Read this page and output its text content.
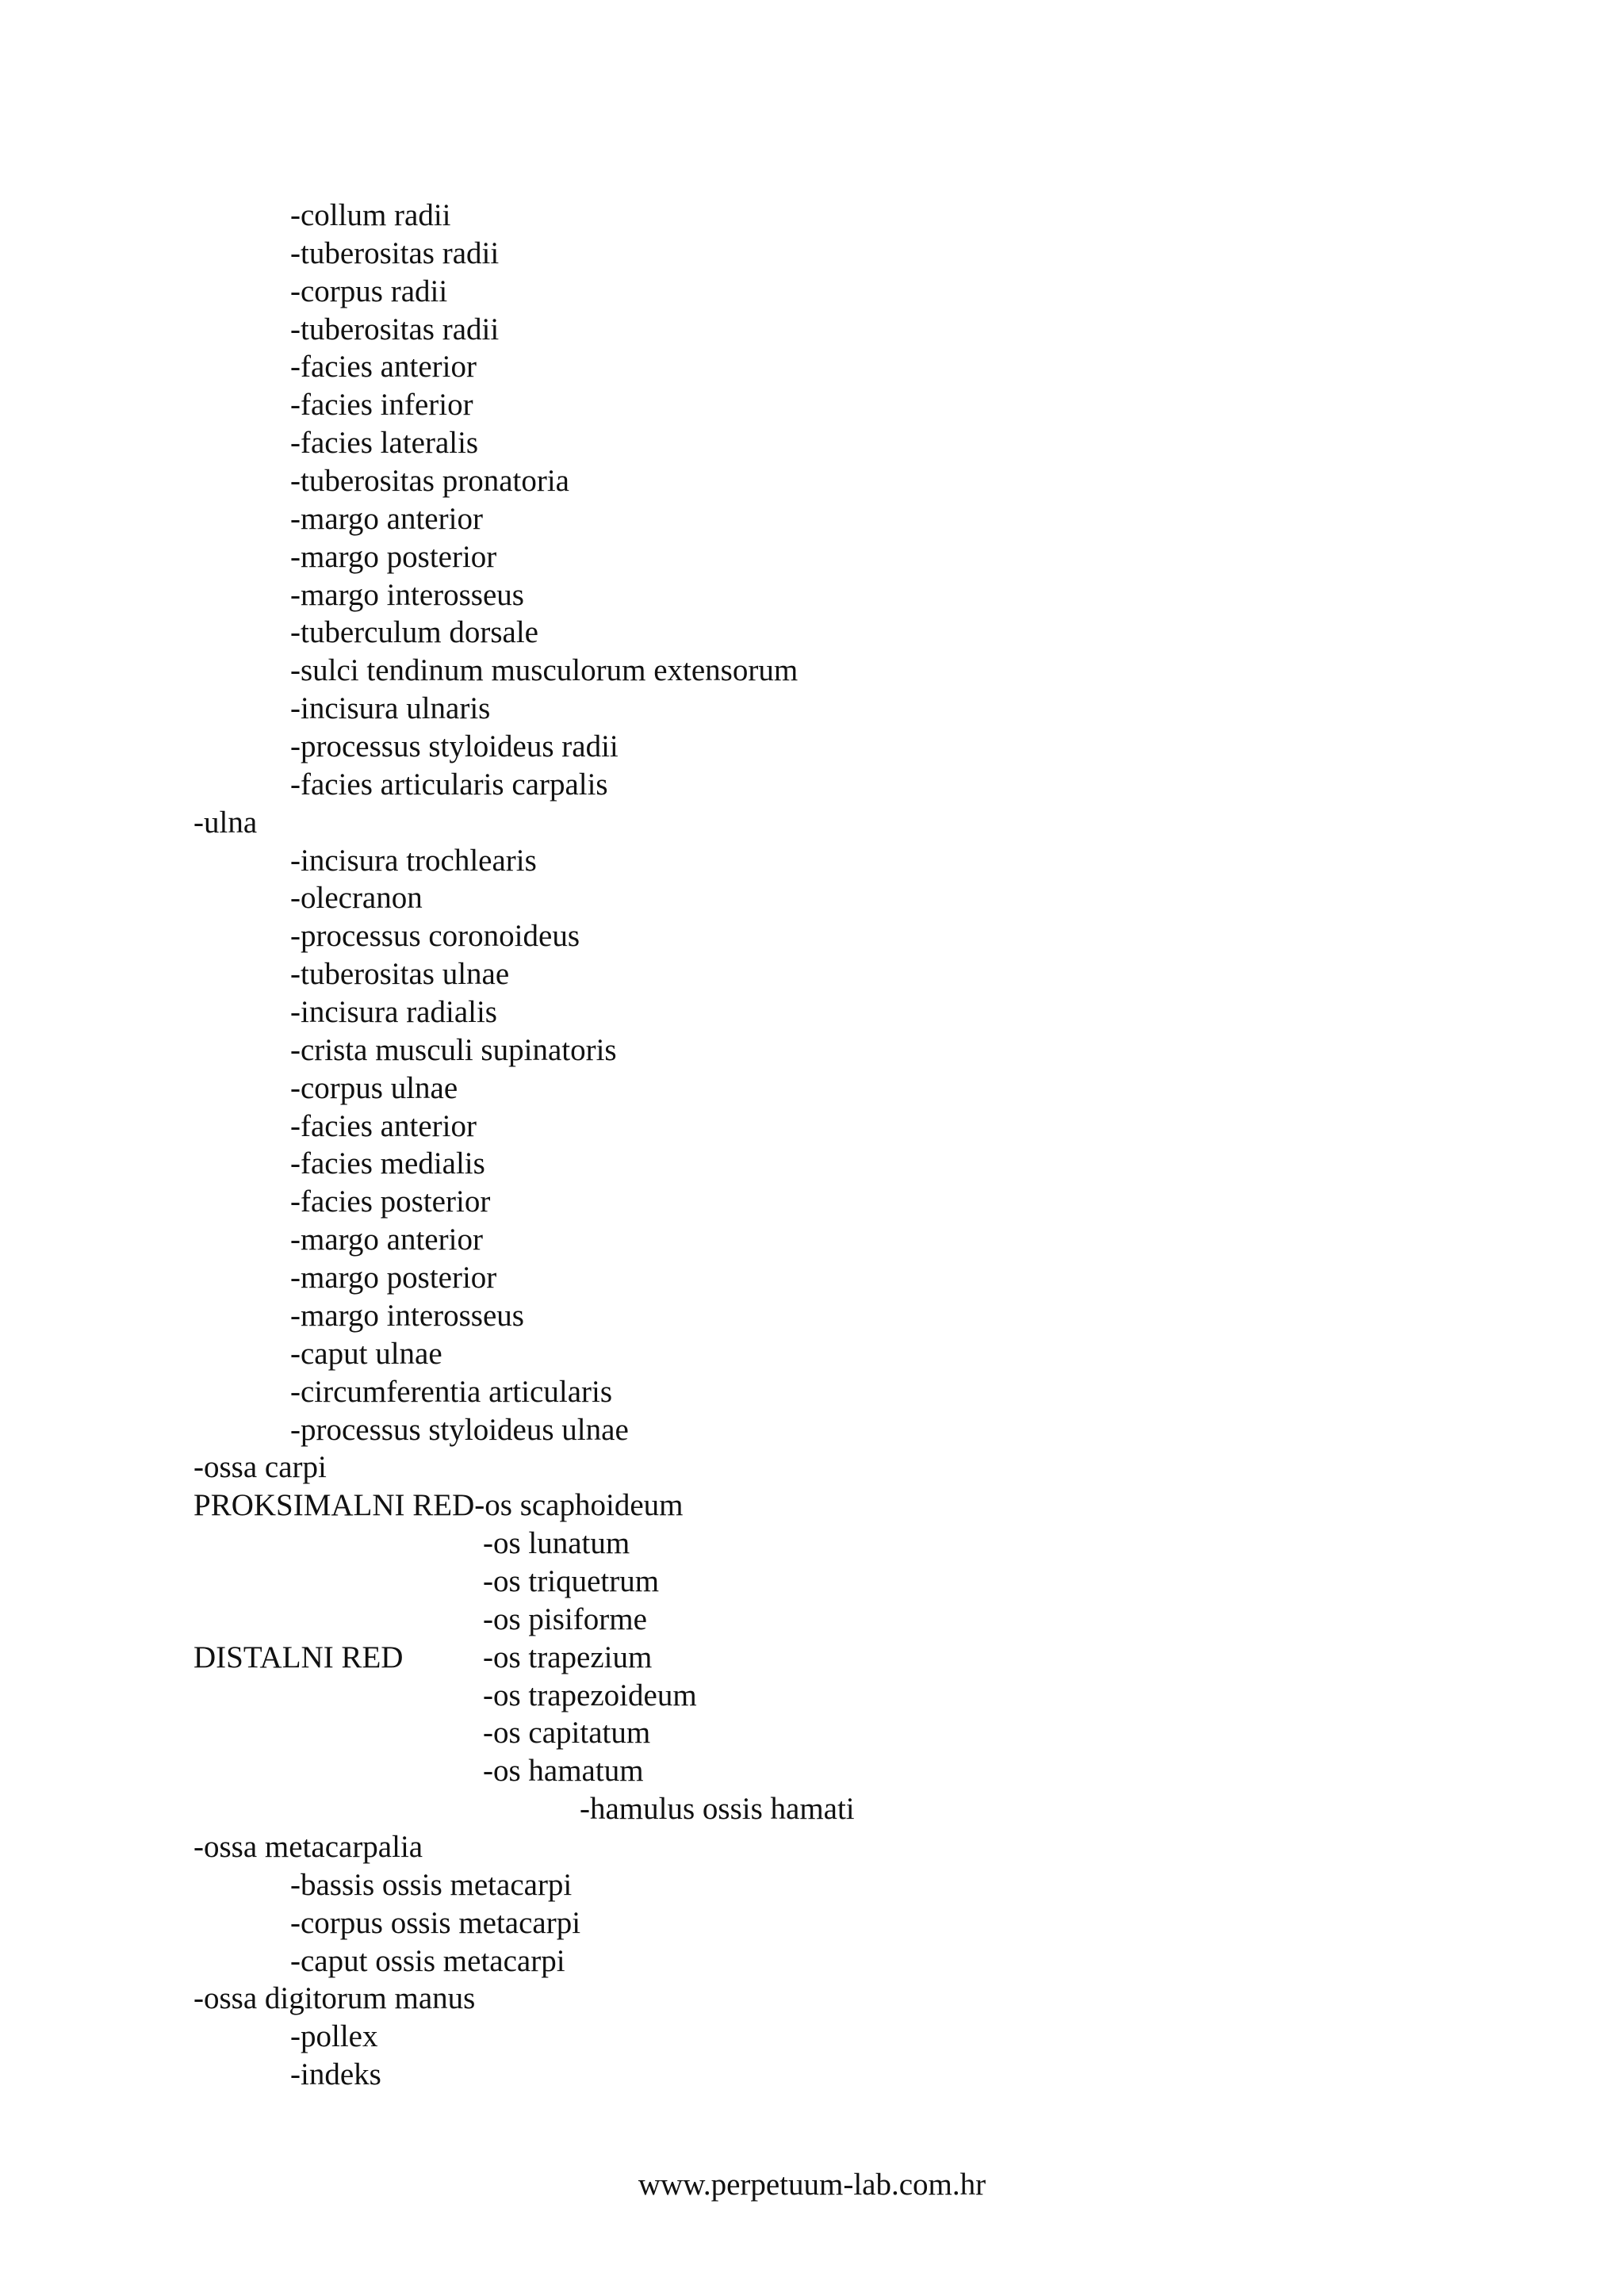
-collum radii
-tuberositas radii
-corpus radii
-tuberositas radii
-facies anterior
-facies inferior
-facies lateralis
-tuberositas pronatoria
-margo anterior
-margo posterior
-margo interosseus
-tuberculum dorsale
-sulci tendinum musculorum extensorum
-incisura ulnaris
-processus styloideus radii
-facies articularis carpalis
-ulna
-incisura trochlearis
-olecranon
-processus coronoideus
-tuberositas ulnae
-incisura radialis
-crista musculi supinatoris
-corpus ulnae
-facies anterior
-facies medialis
-facies posterior
-margo anterior
-margo posterior
-margo interosseus
-caput ulnae
-circumferentia articularis
-processus styloideus ulnae
-ossa carpi
PROKSIMALNI RED-os scaphoideum
-os lunatum
-os triquetrum
-os pisiforme
DISTALNI RED	-os trapezium
-os trapezoideum
-os capitatum
-os hamatum
-hamulus ossis hamati
-ossa metacarpalia
-bassis ossis metacarpi
-corpus ossis metacarpi
-caput ossis metacarpi
-ossa digitorum manus
-pollex
-indeks
www.perpetuum-lab.com.hr
